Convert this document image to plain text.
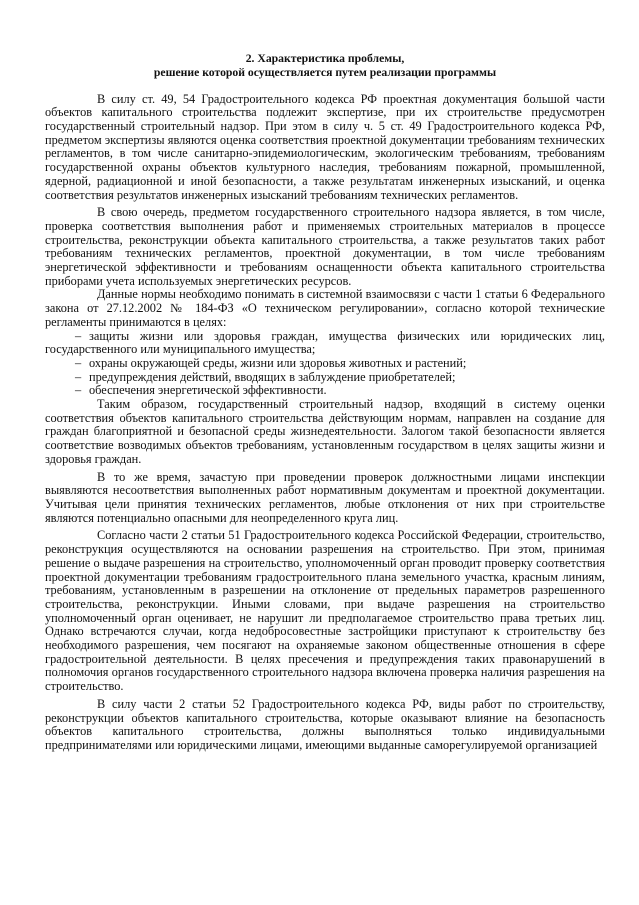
2. Характеристика проблемы,
решение которой осуществляется путем реализации программы

В силу ст. 49, 54 Градостроительного кодекса РФ проектная документация большой части объектов капитального строительства подлежит экспертизе, при их строительстве предусмотрен государственный строительный надзор. При этом в силу ч. 5 ст. 49 Градостроительного кодекса РФ, предметом экспертизы являются оценка соответствия проектной документации требованиям технических регламентов, в том числе санитарно-эпидемиологическим, экологическим требованиям, требованиям государственной охраны объектов культурного наследия, требованиям пожарной, промышленной, ядерной, радиационной и иной безопасности, а также результатам инженерных изысканий, и оценка соответствия результатов инженерных изысканий требованиям технических регламентов.

В свою очередь, предметом государственного строительного надзора является, в том числе, проверка соответствия выполнения работ и применяемых строительных материалов в процессе строительства, реконструкции объекта капитального строительства, а также результатов таких работ требованиям технических регламентов, проектной документации, в том числе требованиям энергетической эффективности и требованиям оснащенности объекта капитального строительства приборами учета используемых энергетических ресурсов.

Данные нормы необходимо понимать в системной взаимосвязи с части 1 статьи 6 Федерального закона от 27.12.2002 № 184-ФЗ «О техническом регулировании», согласно которой технические регламенты принимаются в целях:

– защиты жизни или здоровья граждан, имущества физических или юридических лиц, государственного или муниципального имущества;
– охраны окружающей среды, жизни или здоровья животных и растений;
– предупреждения действий, вводящих в заблуждение приобретателей;
– обеспечения энергетической эффективности.

Таким образом, государственный строительный надзор, входящий в систему оценки соответствия объектов капитального строительства действующим нормам, направлен на создание для граждан благоприятной и безопасной среды жизнедеятельности. Залогом такой безопасности является соответствие возводимых объектов требованиям, установленным государством в целях защиты жизни и здоровья граждан.

В то же время, зачастую при проведении проверок должностными лицами инспекции выявляются несоответствия выполненных работ нормативным документам и проектной документации. Учитывая цели принятия технических регламентов, любые отклонения от них при строительстве являются потенциально опасными для неопределенного круга лиц.

Согласно части 2 статьи 51 Градостроительного кодекса Российской Федерации, строительство, реконструкция осуществляются на основании разрешения на строительство. При этом, принимая решение о выдаче разрешения на строительство, уполномоченный орган проводит проверку соответствия проектной документации требованиям градостроительного плана земельного участка, красным линиям, требованиям, установленным в разрешении на отклонение от предельных параметров разрешенного строительства, реконструкции. Иными словами, при выдаче разрешения на строительство уполномоченный орган оценивает, не нарушит ли предполагаемое строительство права третьих лиц. Однако встречаются случаи, когда недобросовестные застройщики приступают к строительству без необходимого разрешения, чем посягают на охраняемые законом общественные отношения в сфере градостроительной деятельности. В целях пресечения и предупреждения таких правонарушений в полномочия органов государственного строительного надзора включена проверка наличия разрешения на строительство.

В силу части 2 статьи 52 Градостроительного кодекса РФ, виды работ по строительству, реконструкции объектов капитального строительства, которые оказывают влияние на безопасность объектов капитального строительства, должны выполняться только индивидуальными предпринимателями или юридическими лицами, имеющими выданные саморегулируемой организацией
